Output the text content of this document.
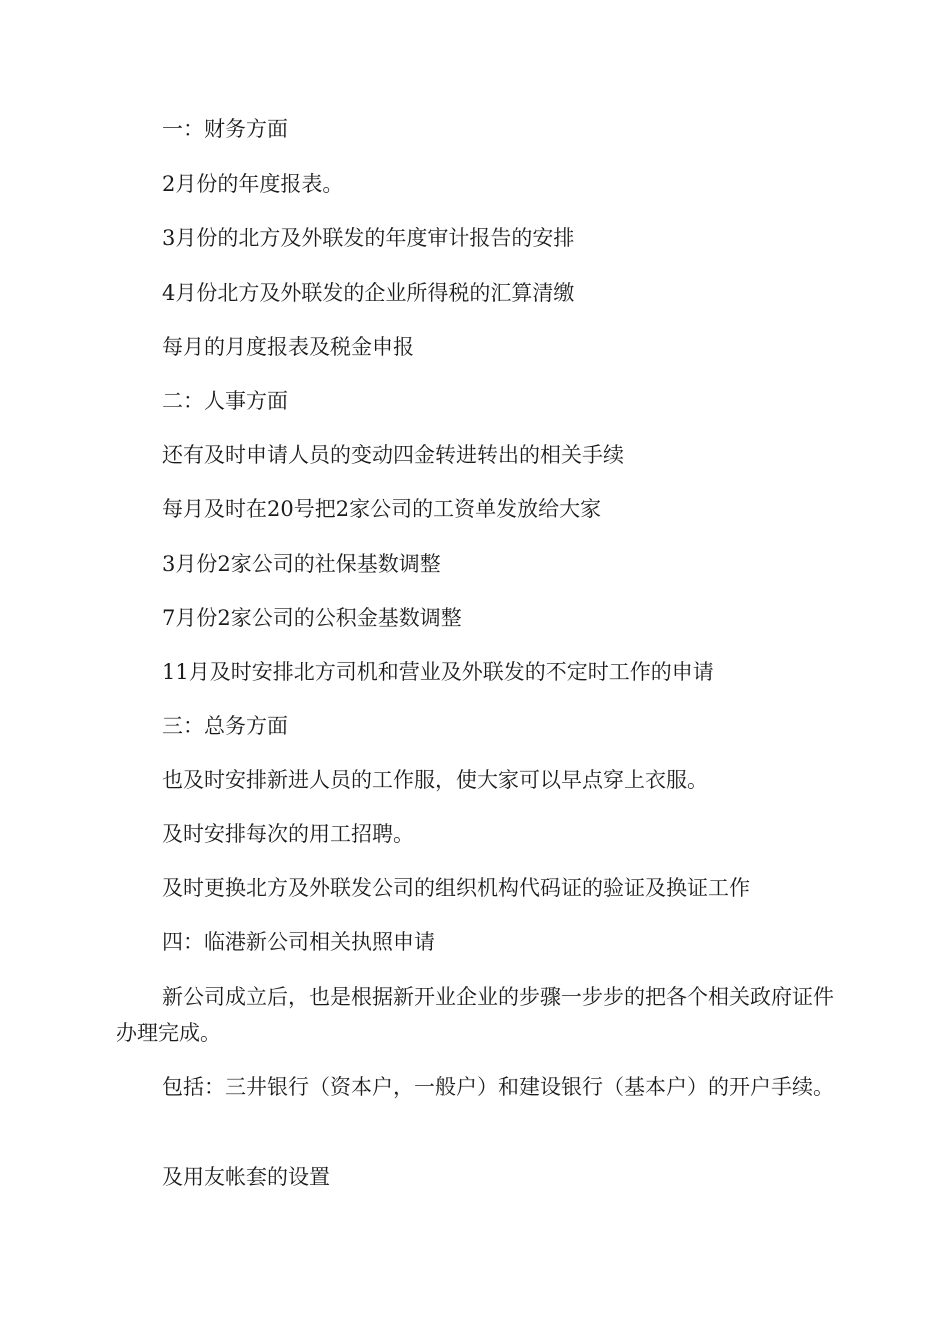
一：财务方面

2月份的年度报表。

3月份的北方及外联发的年度审计报告的安排

4月份北方及外联发的企业所得税的汇算清缴

每月的月度报表及税金申报

二：人事方面

还有及时申请人员的变动四金转进转出的相关手续

每月及时在20号把2家公司的工资单发放给大家

3月份2家公司的社保基数调整

7月份2家公司的公积金基数调整

11月及时安排北方司机和营业及外联发的不定时工作的申请

三：总务方面

也及时安排新进人员的工作服，使大家可以早点穿上衣服。

及时安排每次的用工招聘。

及时更换北方及外联发公司的组织机构代码证的验证及换证工作

四：临港新公司相关执照申请

新公司成立后，也是根据新开业企业的步骤一步步的把各个相关政府证件办理完成。

包括：三井银行（资本户，一般户）和建设银行（基本户）的开户手续。

及用友帐套的设置
